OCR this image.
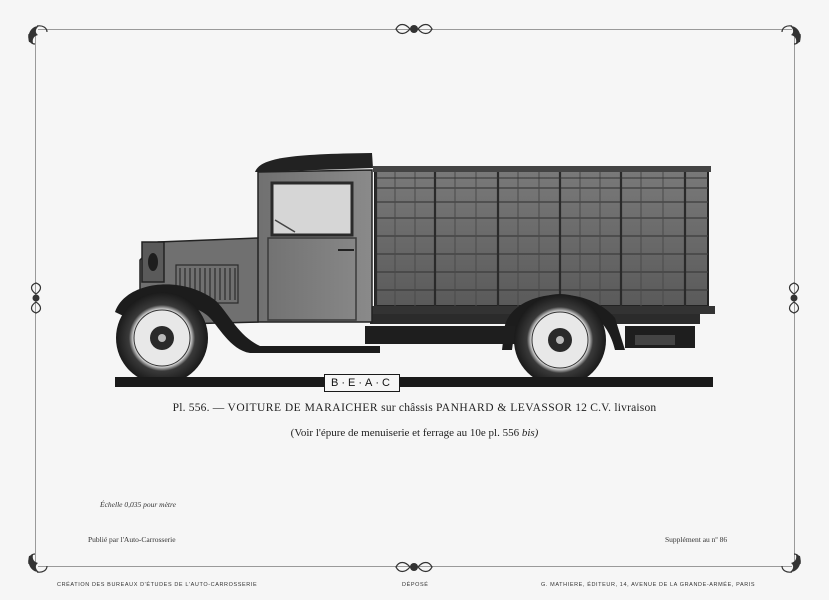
B·E·A·C
Pl. 556. — VOITURE DE MARAICHER sur châssis PANHARD & LEVASSOR 12 C.V. livraison
(Voir l'épure de menuiserie et ferrage au 10e pl. 556 bis)
Échelle 0,035 pour mètre
Publié par l'Auto-Carrosserie	Supplément au nº 86
CRÉATION DES BUREAUX D'ÉTUDES DE L'AUTO-CARROSSERIE	DÉPOSÉ	G. MATHIERE, ÉDITEUR, 14, AVENUE DE LA GRANDE-ARMÉE, PARIS
